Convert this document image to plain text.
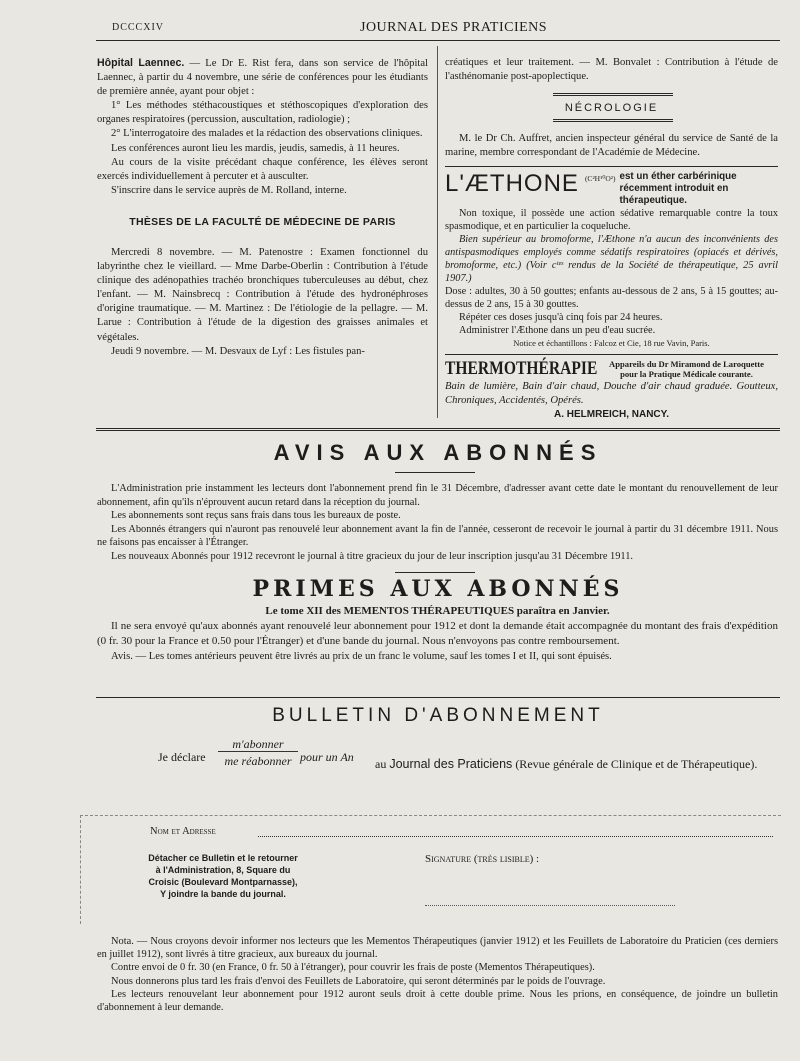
DCCCXIV	JOURNAL DES PRATICIENS

Hôpital Laennec. — Le Dr E. Rist fera, dans son service de l'hôpital Laennec, à partir du 4 novembre, une série de conférences pour les étudiants de première année, ayant pour objet :

1° Les méthodes stéthacoustiques et stéthoscopiques d'exploration des organes respiratoires (percussion, auscultation, radiologie) ;

2° L'interrogatoire des malades et la rédaction des observations cliniques.

Les conférences auront lieu les mardis, jeudis, samedis, à 11 heures.

Au cours de la visite précédant chaque conférence, les élèves seront exercés individuellement à percuter et à ausculter.

S'inscrire dans le service auprès de M. Rolland, interne.

THÈSES DE LA FACULTÉ DE MÉDECINE DE PARIS

Mercredi 8 novembre. — M. Patenostre : Examen fonctionnel du labyrinthe chez le vieillard. — Mme Darbe-Oberlin : Contribution à l'étude clinique des adénopathies trachéo bronchiques tuberculeuses au début, chez l'enfant. — M. Nainsbrecq : Contribution à l'étude des hydronéphroses d'origine traumatique. — M. Martinez : De l'étiologie de la pellagre. — M. Larue : Contribution à l'étude de la digestion des graisses animales et végétales.

Jeudi 9 novembre. — M. Desvaux de Lyf : Les fistules pan-

créatiques et leur traitement. — M. Bonvalet : Contribution à l'étude de l'asthénomanie post-apoplectique.

NÉCROLOGIE

M. le Dr Ch. Auffret, ancien inspecteur général du service de Santé de la marine, membre correspondant de l'Académie de Médecine.

L'ÆTHONE (C²H¹⁰O²) est un éther carbérinique récemment introduit en thérapeutique.

Non toxique, il possède une action sédative remarquable contre la toux spasmodique, et en particulier la coqueluche.

Bien supérieur au bromoforme, l'Æthone n'a aucun des inconvénients des antispasmodiques employés comme sédatifs respiratoires (opiacés et dérivés, bromoforme, etc.) (Voir cᵗᵉˢ rendus de la Société de thérapeutique, 25 avril 1907.)

Dose : adultes, 30 à 50 gouttes; enfants au-dessous de 2 ans, 5 à 15 gouttes; au-dessus de 2 ans, 15 à 30 gouttes.

Répéter ces doses jusqu'à cinq fois par 24 heures.

Administrer l'Æthone dans un peu d'eau sucrée.

Notice et échantillons : Falcoz et Cie, 18 rue Vavin, Paris.

THERMOTHÉRAPIE	Appareils du Dr Miramond de Laroquette
pour la Pratique Médicale courante.

Bain de lumière, Bain d'air chaud, Douche d'air chaud graduée. Goutteux, Chroniques, Accidentés, Opérés.

A. HELMREICH, NANCY.
AVIS AUX ABONNÉS

L'Administration prie instamment les lecteurs dont l'abonnement prend fin le 31 Décembre, d'adresser avant cette date le montant du renouvellement de leur abonnement, afin qu'ils n'éprouvent aucun retard dans la réception du journal.

Les abonnements sont reçus sans frais dans tous les bureaux de poste.

Les Abonnés étrangers qui n'auront pas renouvelé leur abonnement avant la fin de l'année, cesseront de recevoir le journal à partir du 31 décembre 1911. Nous ne faisons pas encaisser à l'Étranger.

Les nouveaux Abonnés pour 1912 recevront le journal à titre gracieux du jour de leur inscription jusqu'au 31 Décembre 1911.

PRIMES AUX ABONNÉS

Le tome XII des MEMENTOS THÉRAPEUTIQUES paraîtra en Janvier.

Il ne sera envoyé qu'aux abonnés ayant renouvelé leur abonnement pour 1912 et dont la demande était accompagnée du montant des frais d'expédition (0 fr. 30 pour la France et 0.50 pour l'Étranger) et d'une bande du journal. Nous n'envoyons pas contre remboursement.

Avis. — Les tomes antérieurs peuvent être livrés au prix de un franc le volume, sauf les tomes I et II, qui sont épuisés.

BULLETIN D'ABONNEMENT
Je déclare
m'abonner
me réabonner pour un An au Journal des Praticiens (Revue générale de Clinique et de Thérapeutique).
Nom et Adresse
Détacher ce Bulletin et le retourner
à l'Administration, 8, Square du
Croisic (Boulevard Montparnasse),
Y joindre la bande du journal.
Signature (très lisible) :

Nota. — Nous croyons devoir informer nos lecteurs que les Mementos Thérapeutiques (janvier 1912) et les Feuillets de Laboratoire du Praticien (ces derniers en juillet 1912), sont livrés à titre gracieux, aux bureaux du journal.

Contre envoi de 0 fr. 30 (en France, 0 fr. 50 à l'étranger), pour couvrir les frais de poste (Mementos Thérapeutiques).

Nous donnerons plus tard les frais d'envoi des Feuillets de Laboratoire, qui seront déterminés par le poids de l'ouvrage.

Les lecteurs renouvelant leur abonnement pour 1912 auront seuls droit à cette double prime. Nous les prions, en conséquence, de joindre un bulletin d'abonnement à leur demande.
